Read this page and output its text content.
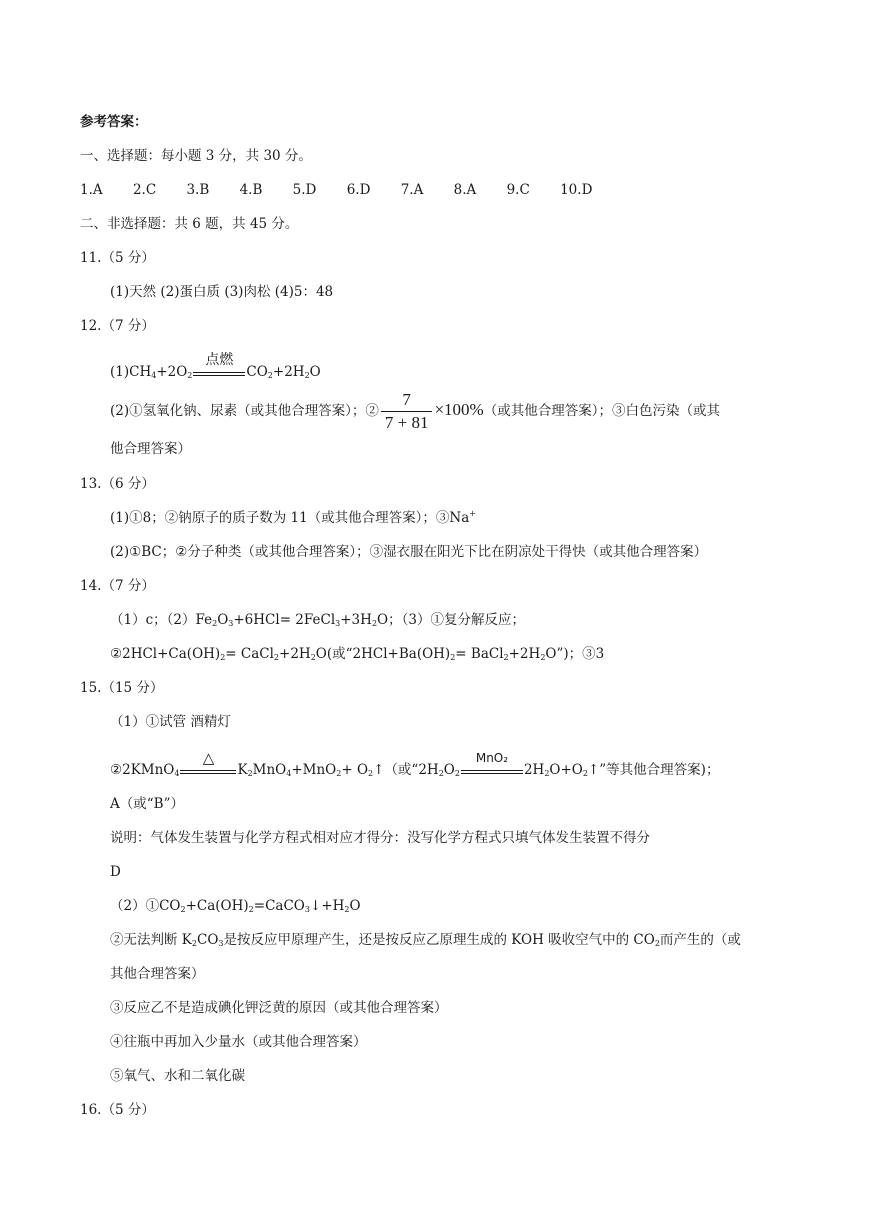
参考答案：
一、选择题：每小题 3 分，共 30 分。
1.A 2.C 3.B 4.B 5.D 6.D 7.A 8.A 9.C 10.D
二、非选择题：共 6 题，共 45 分。
11.（5 分）
(1)天然 (2)蛋白质 (3)肉松 (4)5：48
12.（7 分）
$(1)CH_4+2O_2$
点燃
$CO_2+2H_2O$
(2)①氢氧化钠、尿素（或其他合理答案）；② $\frac{7}{7 + 81} \times 100\%$（或其他合理答案）；③白色污染（或其
他合理答案）
13.（6 分）
(1)①8；②钠原子的质子数为 11（或其他合理答案）；③Na+
(2)①BC；②分子种类（或其他合理答案）；③湿衣服在阳光下比在阴凉处干得快（或其他合理答案）
14.（7 分）
（1）c；$(2)Fe_2O_3+6HCl=$ $2FeCl_3+3H_2O$；（3）①复分解反应；
$②2HCl+Ca(OH)_2=$ $CaCl_2+2H_2O$(或“$2HCl+Ba(OH)_2=$ $BaCl_2+2H_2O$”)；③3
15.（15 分）
（1）①试管 酒精灯
②2KMnO$_4$
△
$K_2MnO_4+MnO_2+$ $O_2↑$（或“$2H_2O_2$
MnO₂
$2H_2O+O_2↑$”等其他合理答案)；
A（或“B”）
说明：气体发生装置与化学方程式相对应才得分：没写化学方程式只填气体发生装置不得分
D
$(2)①CO_2+Ca(OH)_2=CaCO_3↓+H_2O$
②无法判断 $K_2CO_3$是按反应甲原理产生，还是按反应乙原理生成的 KOH 吸收空气中的 $CO_2$而产生的（或
其他合理答案）
③反应乙不是造成碘化钾泛黄的原因（或其他合理答案）
④往瓶中再加入少量水（或其他合理答案）
⑤氧气、水和二氧化碳
16.（5 分）
